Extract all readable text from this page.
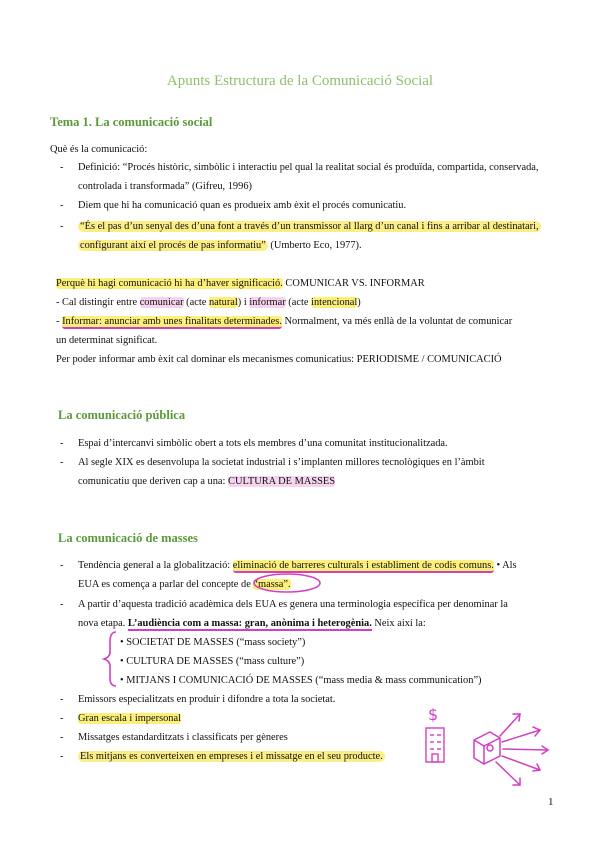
Apunts Estructura de la Comunicació Social
Tema 1. La comunicació social
Què és la comunicació:
-	Definició: “Procés històric, simbòlic i interactiu pel qual la realitat social és produïda, compartida, conservada,
controlada i transformada” (Gifreu, 1996)
-	Diem que hi ha comunicació quan es produeix amb èxit el procés comunicatiu.
-	“És el pas d’un senyal des d’una font a través d’un transmissor al llarg d’un canal i fins a arribar al destinatari,
configurant així el procés de pas informatiu” (Umberto Eco, 1977).
Perquè hi hagi comunicació hi ha d’haver significació. COMUNICAR VS. INFORMAR
- Cal distingir entre comunicar (acte natural) i informar (acte intencional)
- Informar: anunciar amb unes finalitats determinades. Normalment, va més enllà de la voluntat de comunicar
un determinat significat.
Per poder informar amb èxit cal dominar els mecanismes comunicatius: PERIODISME / COMUNICACIÓ
La comunicació pública
-	Espai d’intercanvi simbòlic obert a tots els membres d’una comunitat institucionalitzada.
-	Al segle XIX es desenvolupa la societat industrial i s’implanten millores tecnològiques en l’àmbit
comunicatiu que deriven cap a una: CULTURA DE MASSES
La comunicació de masses
-	Tendència general a la globalització: eliminació de barreres culturals i establiment de codis comuns. • Als
EUA es comença a parlar del concepte de “massa”.
-	A partir d’aquesta tradició acadèmica dels EUA es genera una terminologia específica per denominar la
nova etapa. L’audiència com a massa: gran, anònima i heterogènia. Neix així la:
• SOCIETAT DE MASSES (“mass society”)
• CULTURA DE MASSES (“mass culture”)
• MITJANS I COMUNICACIÓ DE MASSES (“mass media & mass communication”)
-	Emissors especialitzats en produir i difondre a tota la societat.
-	Gran escala i impersonal
-	Missatges estandarditzats i classificats per gèneres
-	Els mitjans es converteixen en empreses i el missatge en el seu producte.
1
$
